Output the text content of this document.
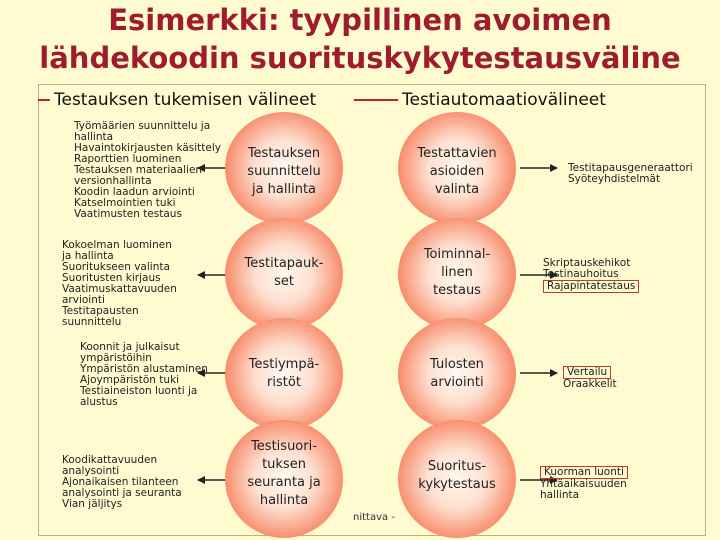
Esimerkki: tyypillinen avoimen
lähdekoodin suorituskykytestausväline
Testauksen tukemisen välineet	Testiautomaatiovälineet
Testauksen
suunnittelu
ja hallinta
Testitapauk-
set
Testiympä-
ristöt
Testisuori-
tuksen
seuranta ja
hallinta
Testattavien
asioiden
valinta
Toiminnal-
linen
testaus
Tulosten
arviointi
Suoritus-
kykytestaus
Työmäärien suunnittelu ja
hallinta
Havaintokirjausten käsittely
Raporttien luominen
Testauksen materiaalien
versionhallinta
Koodin laadun arviointi
Katselmointien tuki
Vaatimusten testaus
Kokoelman luominen
ja hallinta
Suoritukseen valinta
Suoritusten kirjaus
Vaatimuskattavuuden
arviointi
Testitapausten
suunnittelu
Koonnit ja julkaisut
ympäristöihin
Ympäristön alustaminen
Ajoympäristön tuki
Testiaineiston luonti ja
alustus
Koodikattavuuden
analysointi
Ajonaikaisen tilanteen
analysointi ja seuranta
Vian jäljitys
Testitapausgeneraattori
Syöteyhdistelmät
Skriptauskehikot
Testinauhoitus
Rajapintatestaus
Vertailu
Oraakkelit
Kuorman luonti
Yhtäaikaisuuden
hallinta
nittava -
